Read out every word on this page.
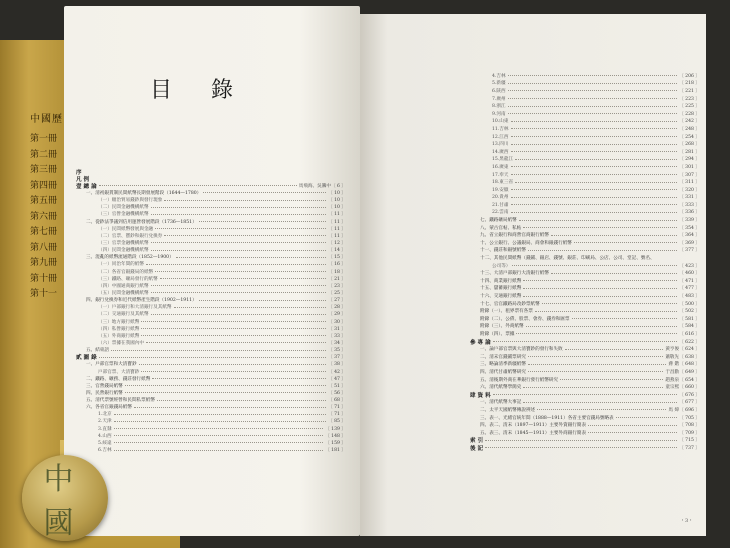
中國歷
第一冊
第二冊
第三冊
第四冊
第五冊
第六冊
第七冊
第八冊
第九冊
第十冊
第十一
目 錄
序
凡 例
壹 總 論	馬飛海、吳籌中〔 6 〕
一、清初銀貫制民間紙幣長期發展階段（1644—1780）	〔 10 〕
（一）順治貿易錢鈔與發行現象	〔 10 〕
（二）民間金融機構紙幣	〔 10 〕
（三）官營金融機構紙幣	〔 11 〕
二、從鈔法爭議到信用運營發展階段（1736—1851）	〔 11 〕
（一）民間紙幣發展與金融	〔 11 〕
（二）官票、寶鈔和銀行兌換券	〔 11 〕
（三）官票金融機構紙幣	〔 12 〕
（四）民間金融機構紙幣	〔 14 〕
三、混亂的紙幣流通階段（1852—1900）	〔 15 〕
（一）同治年間的紙幣	〔 16 〕
（二）各省官銀錢局的紙幣	〔 18 〕
（三）鐵路、礦局發行的紙幣	〔 21 〕
（四）中國通商銀行紙幣	〔 23 〕
（五）民間金融機構紙幣	〔 25 〕
四、銀行兌換券和近代紙幣產生階段（1902—1911）	〔 27 〕
（一）戶部銀行和大清銀行及其紙幣	〔 28 〕
（二）交通銀行及其紙幣	〔 29 〕
（三）地方銀行紙幣	〔 30 〕
（四）私營銀行紙幣	〔 31 〕
（五）外商銀行紙幣	〔 33 〕
（六）票據在我國內中	〔 34 〕
五、結束語	〔 35 〕
貳 圖 錄	〔 37 〕
一、戶部官票和大清寶鈔	〔 38 〕
戶部官票、大清寶鈔	〔 42 〕
二、鐵路、礦務、錢莊發行紙幣	〔 47 〕
三、官營錢局紙幣	〔 51 〕
四、民營銀行紙幣	〔 56 〕
五、清代票號經營和民間私票紙幣	〔 68 〕
六、各省官銀錢局紙幣	〔 71 〕
1.北京	〔 71 〕
2.天津	〔 85 〕
3.直隸	〔 139 〕
4.山西	〔 148 〕
5.綏遠	〔 159 〕
6.吉林	〔 181 〕
4.吉林	〔 206 〕
5.新疆	〔 218 〕
6.陝西	〔 221 〕
7.廣州	〔 223 〕
8.浙江	〔 225 〕
9.河南	〔 228 〕
10.山東	〔 242 〕
11.吉林	〔 248 〕
12.江西	〔 254 〕
13.四川	〔 268 〕
14.廣西	〔 281 〕
15.黑龍江	〔 294 〕
16.廣東	〔 301 〕
17.奉天	〔 307 〕
18.東三省	〔 311 〕
19.安徽	〔 320 〕
20.貴州	〔 331 〕
21.甘肅	〔 333 〕
22.雲南	〔 336 〕
七、鐵路礦局紙幣	〔 339 〕
八、蒙古官帖、私帖	〔 354 〕
九、省立銀行和商營官商銀行紙幣	〔 364 〕
十、公立銀行、公議銀局、商會和銀錢行紙幣	〔 369 〕
十一、錢莊和銀號紙幣	〔 377 〕
十二、其他民間紙幣（錢鋪、銀店、錢號、銀莊、印刷局、公店、公司、堂記、號名、
公司等）	〔 423 〕
十三、大清戶部銀行大清銀行紙幣	〔 460 〕
十四、商業銀行紙幣	〔 471 〕
十五、儲蓄銀行紙幣	〔 477 〕
十六、交通銀行紙幣	〔 483 〕
十七、官官鐵路局改鈔票紙幣	〔 500 〕
附錄（一）、租界票有各票	〔 502 〕
附錄（二）、公債、股票、會券、錢券和匯票	〔 581 〕
附錄（三）、外商紙幣	〔 584 〕
附錄（四）、票據	〔 616 〕
參 專 論	〔 622 〕
一、論戶部官票與大清寶鈔的發行和失敗	黃亨俊〔 624 〕
二、清末官錢鋪票研究	蕭敬先〔 638 〕
三、略論清季新疆紙幣	蔣 鍇〔 648 〕
四、清代甘肅紙幣研究	于昌勳〔 649 〕
五、清後期外商在華銀行發行紙幣研究	趙燕泉〔 654 〕
六、清代紙幣學簡史	童宗熙〔 660 〕
肆 資 料	〔 676 〕
一、清代紙幣大事記	〔 677 〕
二、太平天國紙幣傳說辨述	馬 煒〔 696 〕
三、表一、光緒官統年間（1888—1911）各省主要官錢局號略表	〔 705 〕
四、表二、清末（1897—1911）主要外資銀行簡表	〔 708 〕
五、表三、清末（1845—1911）主要外商銀行簡表	〔 709 〕
索 引	〔 715 〕
後 記	〔 737 〕
・3・
中國
